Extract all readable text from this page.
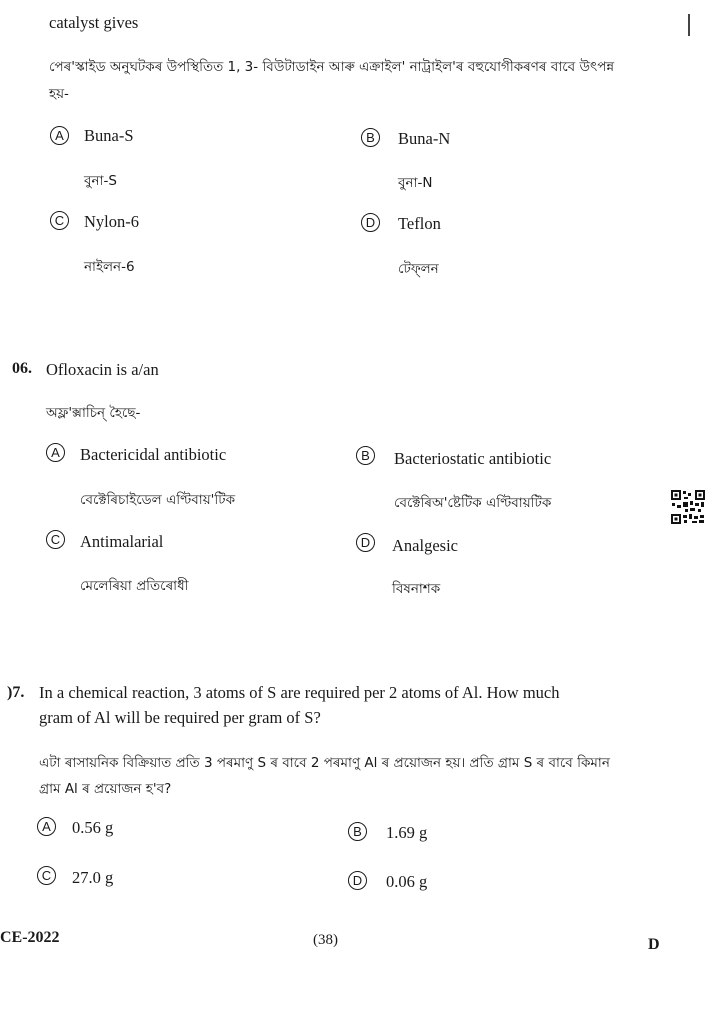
catalyst gives
পেৰ'স্কাইড অনুঘটকৰ উপস্থিতিত 1, 3- বিউটাডাইন আৰু এক্ৰাইল' নাট্ৰাইল'ৰ বহুযোগীকৰণৰ বাবে উৎপন্ন
হয়-
A	Buna-S
বুনা-S
B	Buna-N
বুনা-N
C Nylon-6
নাইলন-6
D Teflon
টেফ্‌লন
06. Ofloxacin is a/an
অফ্ল'ক্সাচিন্ হৈছে-
A	Bactericidal antibiotic
বেক্টেৰিচাইডেল এণ্টিবায়'টিক
B	Bacteriostatic antibiotic
বেক্টেৰিঅ'ষ্টেটিক এণ্টিবায়টিক
C Antimalarial
মেলেৰিয়া প্ৰতিৰোধী
D Analgesic
বিষনাশক
)7. In a chemical reaction, 3 atoms of S are required per 2 atoms of Al. How much
gram of Al will be required per gram of S?
এটা ৰাসায়নিক বিক্ৰিয়াত প্ৰতি 3 পৰমাণু S ৰ বাবে 2 পৰমাণু Al ৰ প্ৰয়োজন হয়। প্ৰতি গ্ৰাম S ৰ বাবে কিমান
গ্ৰাম Al ৰ প্ৰয়োজন হ'ব?
A	0.56 g	B	1.69 g
C 27.0 g	D 0.06 g
CE-2022	(38)	D
